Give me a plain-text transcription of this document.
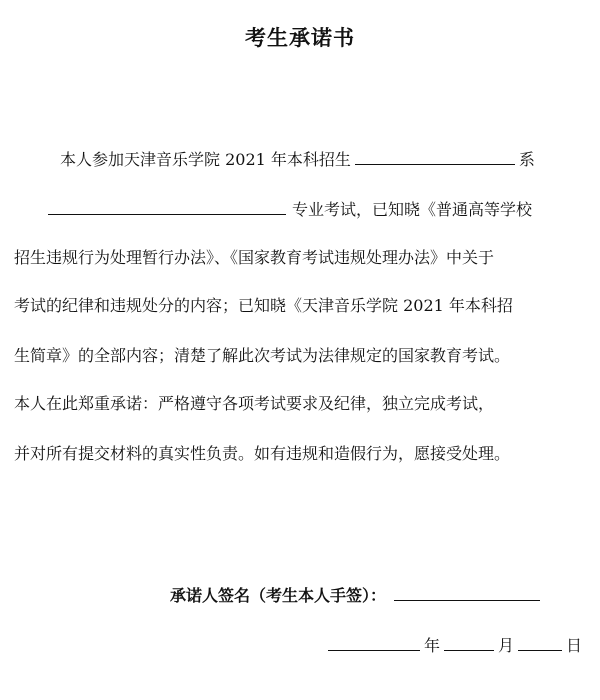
考生承诺书
本人参加天津音乐学院 2021 年本科招生	系
专业考试，已知晓《普通高等学校
招生违规行为处理暂行办法》、《国家教育考试违规处理办法》中关于
考试的纪律和违规处分的内容；已知晓《天津音乐学院 2021 年本科招
生简章》的全部内容；清楚了解此次考试为法律规定的国家教育考试。
本人在此郑重承诺：严格遵守各项考试要求及纪律，独立完成考试，
并对所有提交材料的真实性负责。如有违规和造假行为，愿接受处理。
承诺人签名（考生本人手签）：
年	月	日
